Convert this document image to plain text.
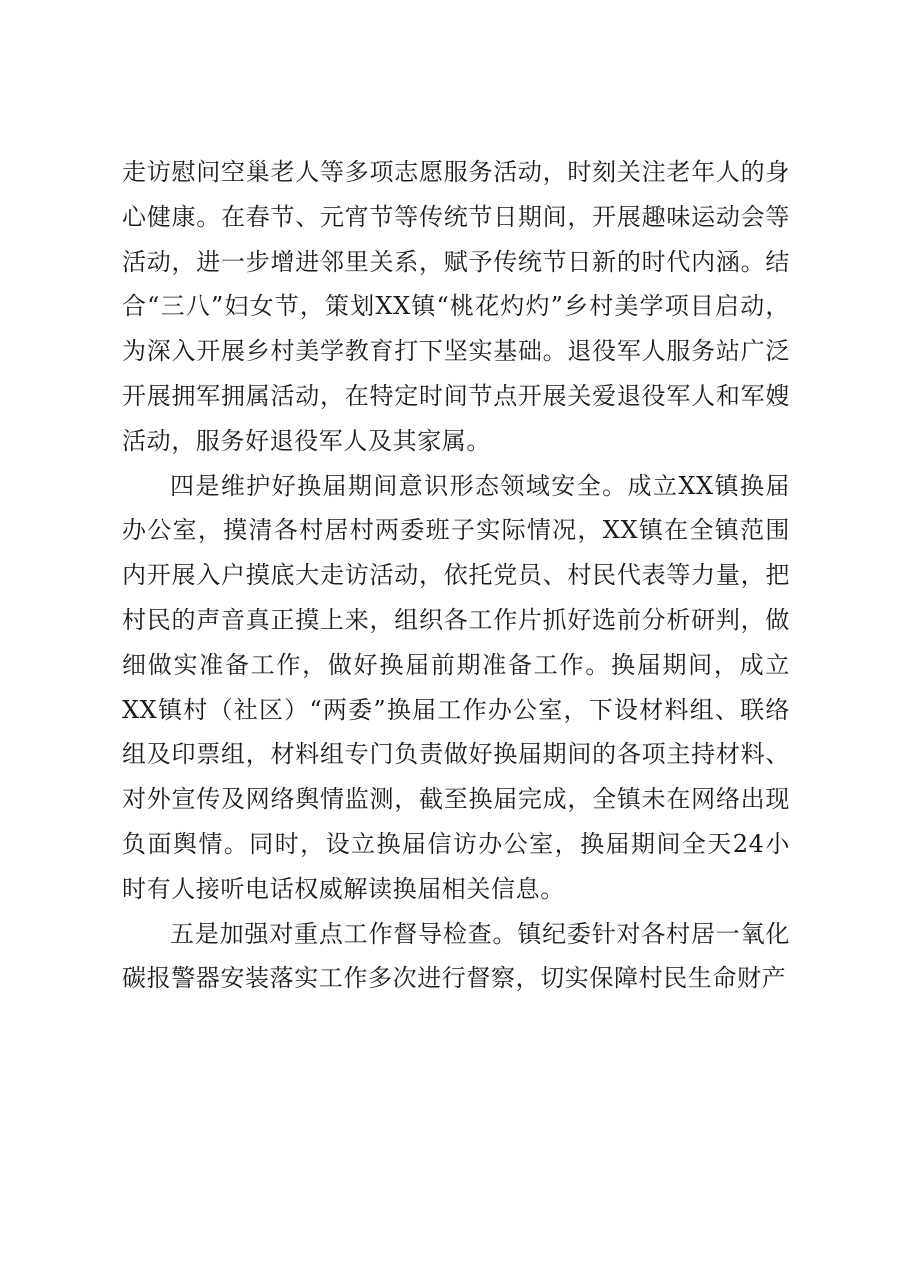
走访慰问空巢老人等多项志愿服务活动，时刻关注老年人的身心健康。在春节、元宵节等传统节日期间，开展趣味运动会等活动，进一步增进邻里关系，赋予传统节日新的时代内涵。结合“三八”妇女节，策划XX镇“桃花灼灼”乡村美学项目启动，为深入开展乡村美学教育打下坚实基础。退役军人服务站广泛开展拥军拥属活动，在特定时间节点开展关爱退役军人和军嫂活动，服务好退役军人及其家属。

四是维护好换届期间意识形态领域安全。成立XX镇换届办公室，摸清各村居村两委班子实际情况，XX镇在全镇范围内开展入户摸底大走访活动，依托党员、村民代表等力量，把村民的声音真正摸上来，组织各工作片抓好选前分析研判，做细做实准备工作，做好换届前期准备工作。换届期间，成立XX镇村（社区）“两委”换届工作办公室，下设材料组、联络组及印票组，材料组专门负责做好换届期间的各项主持材料、对外宣传及网络舆情监测，截至换届完成，全镇未在网络出现负面舆情。同时，设立换届信访办公室，换届期间全天24小时有人接听电话权威解读换届相关信息。

五是加强对重点工作督导检查。镇纪委针对各村居一氧化碳报警器安装落实工作多次进行督察，切实保障村民生命财产
